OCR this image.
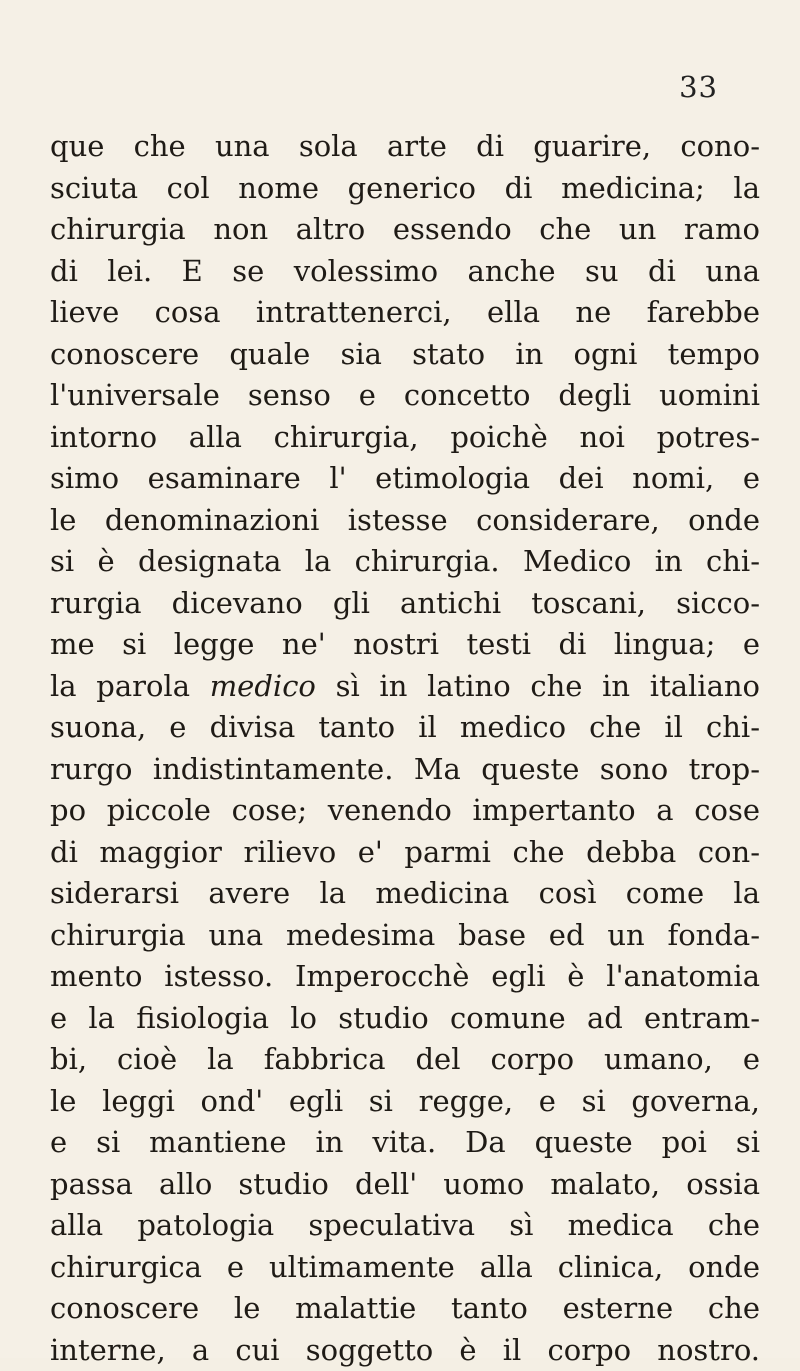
33
que che una sola arte di guarire, cono-
sciuta col nome generico di medicina; la
chirurgia non altro essendo che un ramo
di lei. E se volessimo anche su di una
lieve cosa intrattenerci, ella ne farebbe
conoscere quale sia stato in ogni tempo
l'universale senso e concetto degli uomini
intorno alla chirurgia, poichè noi potres-
simo esaminare l' etimologia dei nomi, e
le denominazioni istesse considerare, onde
si è designata la chirurgia. Medico in chi-
rurgia dicevano gli antichi toscani, sicco-
me si legge ne' nostri testi di lingua; e
la parola medico sì in latino che in italiano
suona, e divisa tanto il medico che il chi-
rurgo indistintamente. Ma queste sono trop-
po piccole cose; venendo impertanto a cose
di maggior rilievo e' parmi che debba con-
siderarsi avere la medicina così come la
chirurgia una medesima base ed un fonda-
mento istesso. Imperocchè egli è l'anatomia
e la fisiologia lo studio comune ad entram-
bi, cioè la fabbrica del corpo umano, e
le leggi ond' egli si regge, e si governa,
e si mantiene in vita. Da queste poi si
passa allo studio dell' uomo malato, ossia
alla patologia speculativa sì medica che
chirurgica e ultimamente alla clinica, onde
conoscere le malattie tanto esterne che
interne, a cui soggetto è il corpo nostro.
